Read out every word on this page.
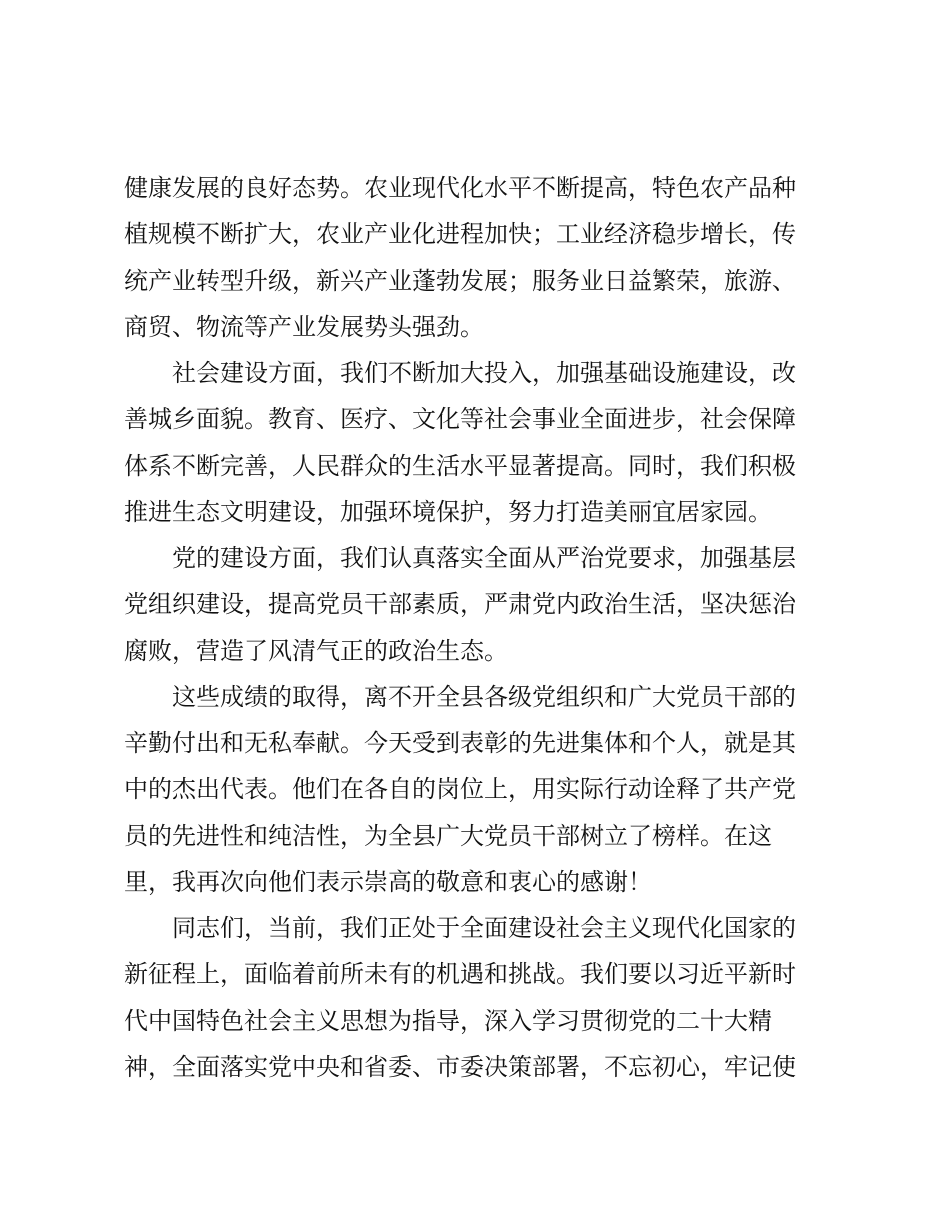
健康发展的良好态势。农业现代化水平不断提高，特色农产品种
植规模不断扩大，农业产业化进程加快；工业经济稳步增长，传
统产业转型升级，新兴产业蓬勃发展；服务业日益繁荣，旅游、
商贸、物流等产业发展势头强劲。
社会建设方面，我们不断加大投入，加强基础设施建设，改
善城乡面貌。教育、医疗、文化等社会事业全面进步，社会保障
体系不断完善，人民群众的生活水平显著提高。同时，我们积极
推进生态文明建设，加强环境保护，努力打造美丽宜居家园。
党的建设方面，我们认真落实全面从严治党要求，加强基层
党组织建设，提高党员干部素质，严肃党内政治生活，坚决惩治
腐败，营造了风清气正的政治生态。
这些成绩的取得，离不开全县各级党组织和广大党员干部的
辛勤付出和无私奉献。今天受到表彰的先进集体和个人，就是其
中的杰出代表。他们在各自的岗位上，用实际行动诠释了共产党
员的先进性和纯洁性，为全县广大党员干部树立了榜样。在这
里，我再次向他们表示崇高的敬意和衷心的感谢！
同志们，当前，我们正处于全面建设社会主义现代化国家的
新征程上，面临着前所未有的机遇和挑战。我们要以习近平新时
代中国特色社会主义思想为指导，深入学习贯彻党的二十大精
神，全面落实党中央和省委、市委决策部署，不忘初心，牢记使
